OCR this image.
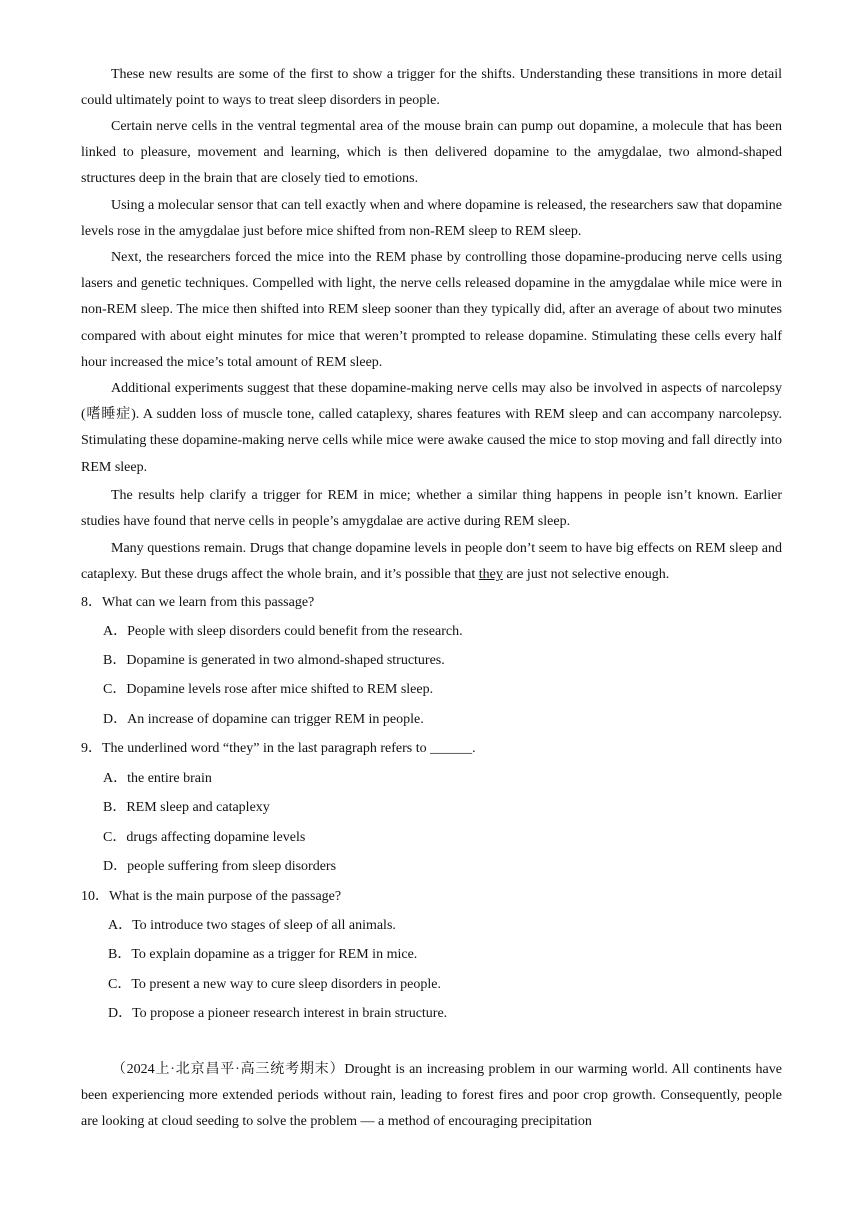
These new results are some of the first to show a trigger for the shifts. Understanding these transitions in more detail could ultimately point to ways to treat sleep disorders in people.

Certain nerve cells in the ventral tegmental area of the mouse brain can pump out dopamine, a molecule that has been linked to pleasure, movement and learning, which is then delivered dopamine to the amygdalae, two almond-shaped structures deep in the brain that are closely tied to emotions.

Using a molecular sensor that can tell exactly when and where dopamine is released, the researchers saw that dopamine levels rose in the amygdalae just before mice shifted from non-REM sleep to REM sleep.

Next, the researchers forced the mice into the REM phase by controlling those dopamine-producing nerve cells using lasers and genetic techniques. Compelled with light, the nerve cells released dopamine in the amygdalae while mice were in non-REM sleep. The mice then shifted into REM sleep sooner than they typically did, after an average of about two minutes compared with about eight minutes for mice that weren’t prompted to release dopamine. Stimulating these cells every half hour increased the mice’s total amount of REM sleep.

Additional experiments suggest that these dopamine-making nerve cells may also be involved in aspects of narcolepsy (嗜睡症). A sudden loss of muscle tone, called cataplexy, shares features with REM sleep and can accompany narcolepsy. Stimulating these dopamine-making nerve cells while mice were awake caused the mice to stop moving and fall directly into REM sleep.

The results help clarify a trigger for REM in mice; whether a similar thing happens in people isn’t known. Earlier studies have found that nerve cells in people’s amygdalae are active during REM sleep.

Many questions remain. Drugs that change dopamine levels in people don’t seem to have big effects on REM sleep and cataplexy. But these drugs affect the whole brain, and it’s possible that they are just not selective enough.

8．What can we learn from this passage?
A．People with sleep disorders could benefit from the research.
B．Dopamine is generated in two almond-shaped structures.
C．Dopamine levels rose after mice shifted to REM sleep.
D．An increase of dopamine can trigger REM in people.
9．The underlined word “they” in the last paragraph refers to ______.
A．the entire brain
B．REM sleep and cataplexy
C．drugs affecting dopamine levels
D．people suffering from sleep disorders
10．What is the main purpose of the passage?
A．To introduce two stages of sleep of all animals.
B．To explain dopamine as a trigger for REM in mice.
C．To present a new way to cure sleep disorders in people.
D．To propose a pioneer research interest in brain structure.

（2024上·北京昌平·高三统考期末）Drought is an increasing problem in our warming world. All continents have been experiencing more extended periods without rain, leading to forest fires and poor crop growth. Consequently, people are looking at cloud seeding to solve the problem — a method of encouraging precipitation
